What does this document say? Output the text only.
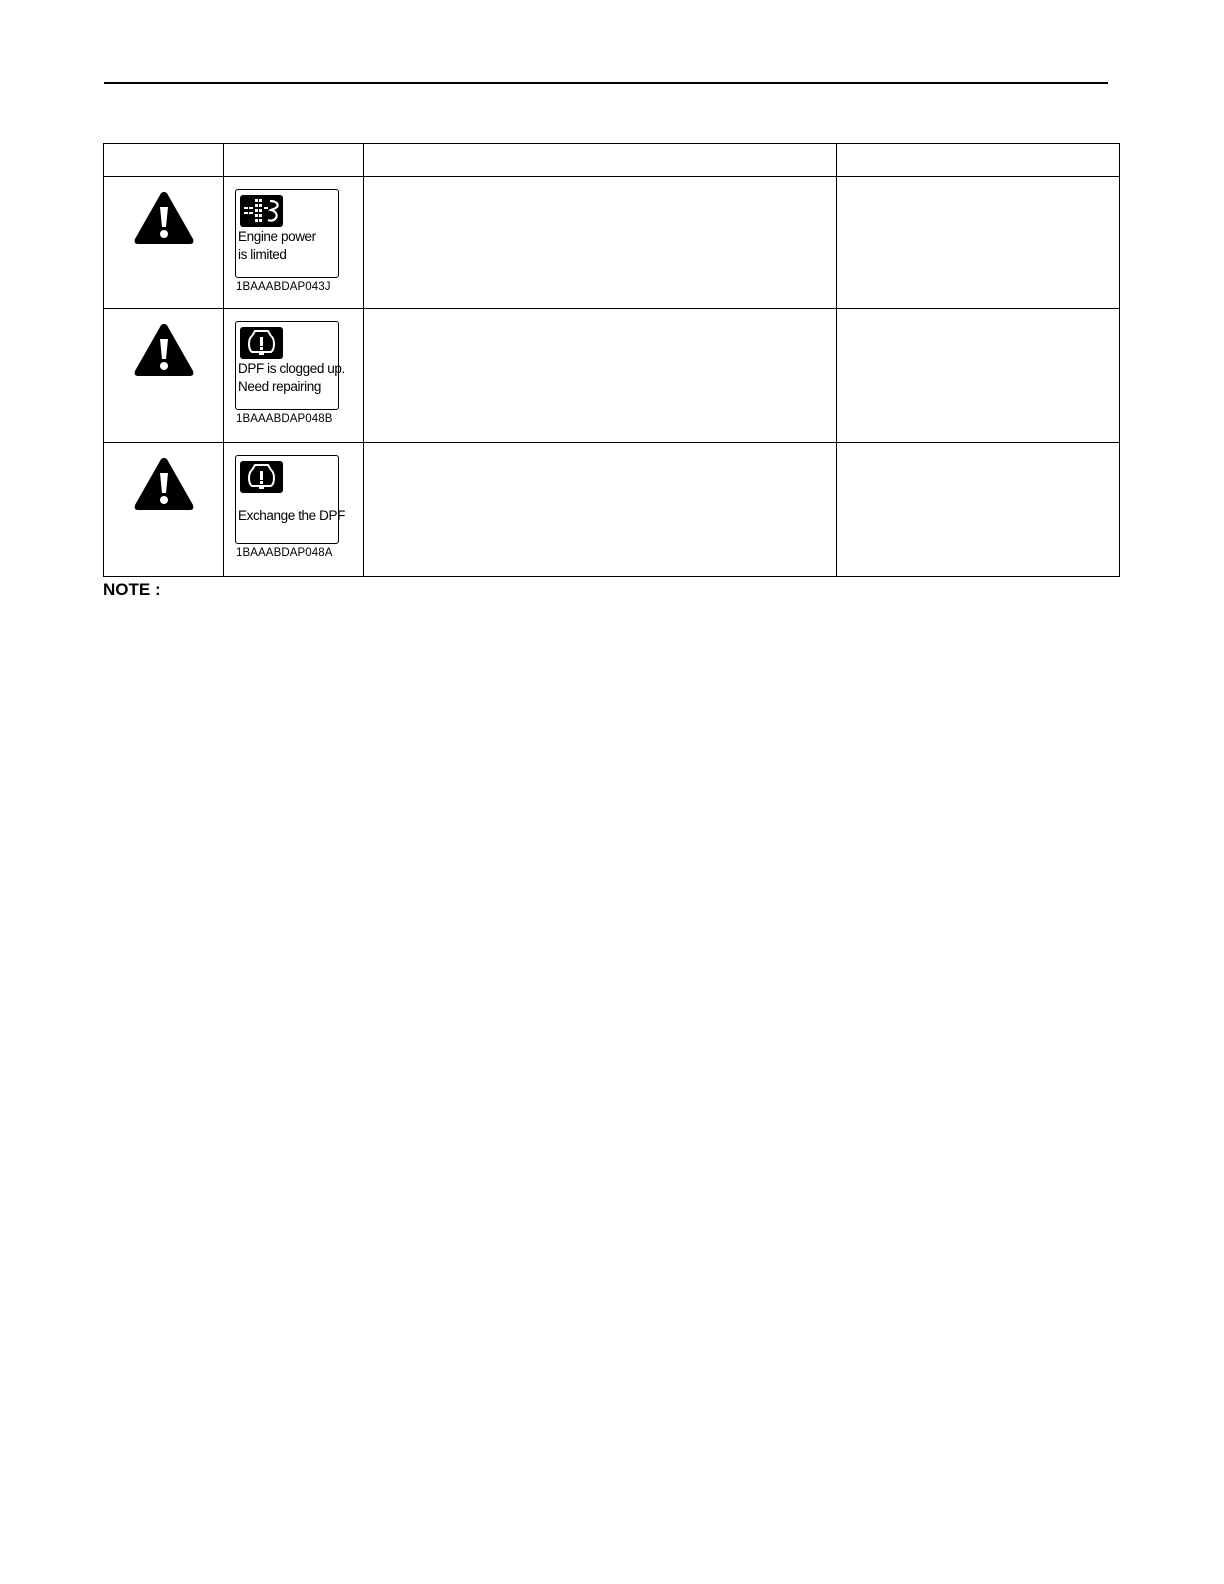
Engine power
is limited
1BAAABDAP043J		

DPF is clogged up.
Need repairing
1BAAABDAP048B		

Exchange the DPF
1BAAABDAP048A		

NOTE :
